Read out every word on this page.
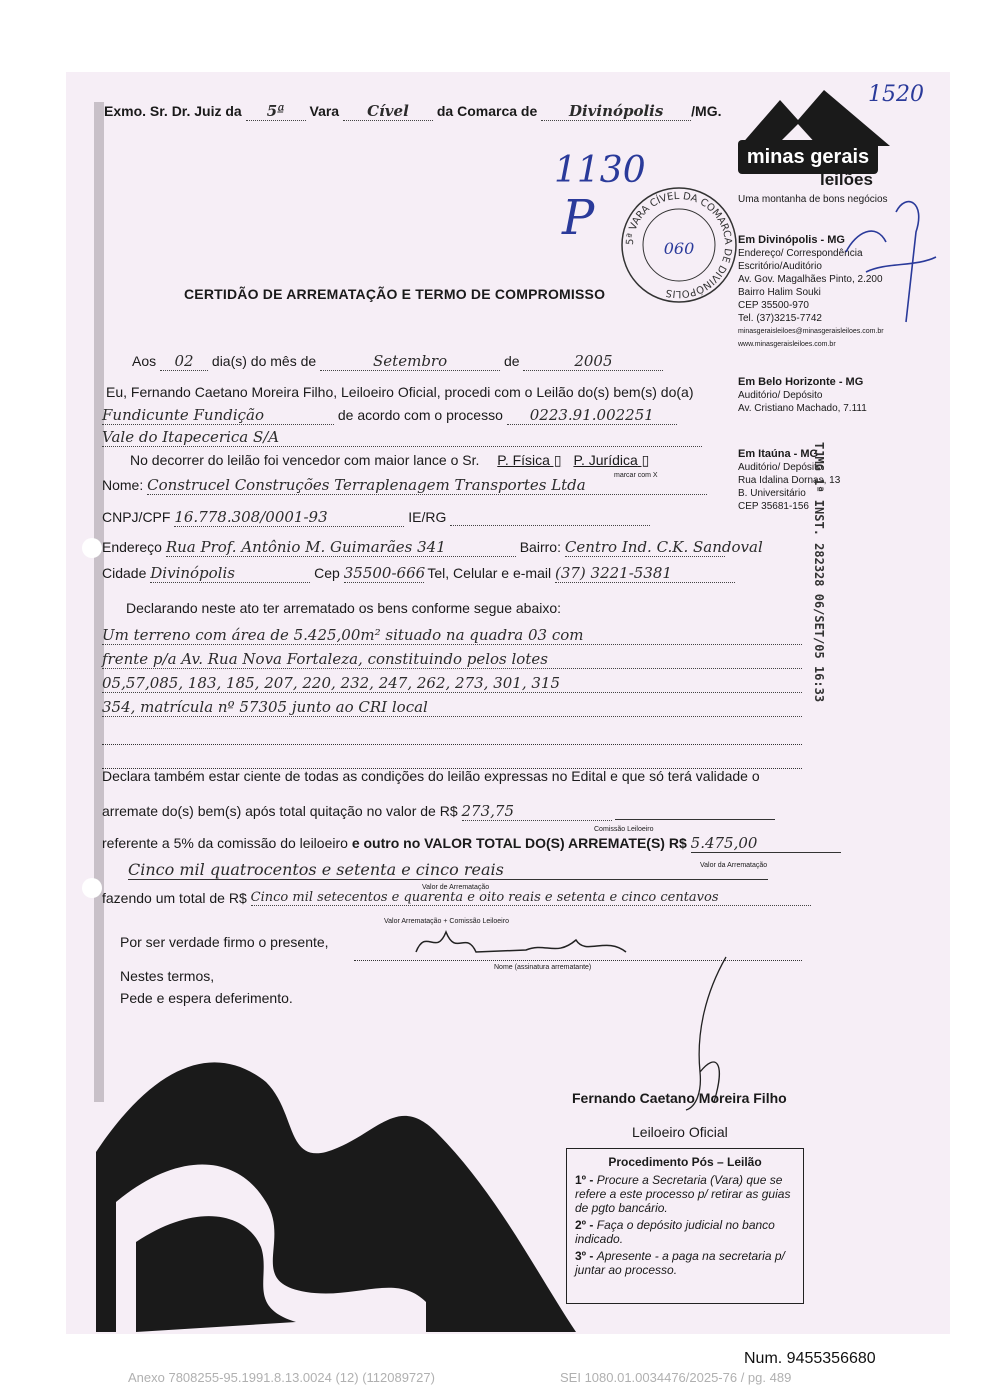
Exmo. Sr. Dr. Juiz da 5ª Vara Cível da Comarca de Divinópolis /MG.
1130
P
1520
5ª VARA CÍVEL DA COMARCA DE DIVINÓPOLIS
060
minas gerais
leilões
Uma montanha de bons negócios
Em Divinópolis - MG
Endereço/ Correspondência
Escritório/Auditório
Av. Gov. Magalhães Pinto, 2.200
Bairro Halim Souki
CEP 35500-970
Tel. (37)3215-7742
minasgeraisleiloes@minasgeraisleiloes.com.br
www.minasgeraisleiloes.com.br
Em Belo Horizonte - MG
Auditório/ Depósito
Av. Cristiano Machado, 7.111
Em Itaúna - MG
Auditório/ Depósito
Rua Idalina Dornas, 13
B. Universitário
CEP 35681-156 TJMG 1ª INST. 282328 06/SET/05 16:33
CERTIDÃO DE ARREMATAÇÃO E TERMO DE COMPROMISSO
Aos 02 dia(s) do mês de	Setembro	de	2005
Eu, Fernando Caetano Moreira Filho, Leiloeiro Oficial, procedi com o Leilão do(s) bem(s) do(a)
Fundicunte Fundição	de acordo com o processo 0223.91.002251
Vale do Itapecerica S/A
No decorrer do leilão foi vencedor com maior lance o Sr. P. Física ▯ P. Jurídica ▯
marcar com X
Nome: Construcel Construções Terraplenagem Transportes Ltda
CNPJ/CPF 16.778.308/0001-93	IE/RG
Endereço Rua Prof. Antônio M. Guimarães 341	Bairro: Centro Ind. C.K. Sandoval
Cidade Divinópolis	Cep 35500-666 Tel, Celular e e-mail (37) 3221-5381
Declarando neste ato ter arrematado os bens conforme segue abaixo:
Um terreno com área de 5.425,00m² situado na quadra 03 com
frente p/a Av. Rua Nova Fortaleza, constituindo pelos lotes
05,57,085, 183, 185, 207, 220, 232, 247, 262, 273, 301, 315
354, matrícula nº 57305 junto ao CRI local
Declara também estar ciente de todas as condições do leilão expressas no Edital e que só terá validade o
arremate do(s) bem(s) após total quitação no valor de R$ 273,75
Comissão Leiloeiro
referente a 5% da comissão do leiloeiro e outro no VALOR TOTAL DO(S) ARREMATE(S) R$ 5.475,00
Valor da Arrematação
Cinco mil quatrocentos e setenta e cinco reais
Valor de Arrematação
fazendo um total de R$ Cinco mil setecentos e quarenta e oito reais e setenta e cinco centavos
Valor Arrematação + Comissão Leiloeiro
Por ser verdade firmo o presente,
Nome (assinatura arrematante)
Nestes termos,
Pede e espera deferimento.
Fernando Caetano Moreira Filho
Leiloeiro Oficial
Procedimento Pós – Leilão
1º - Procure a Secretaria (Vara) que se refere a este processo p/ retirar as guias de pgto bancário.
2º - Faça o depósito judicial no banco indicado.
3º - Apresente - a paga na secretaria p/ juntar ao processo.
Num. 9455356680
Anexo 7808255-95.1991.8.13.0024 (12) (112089727)	SEI 1080.01.0034476/2025-76 / pg. 489
